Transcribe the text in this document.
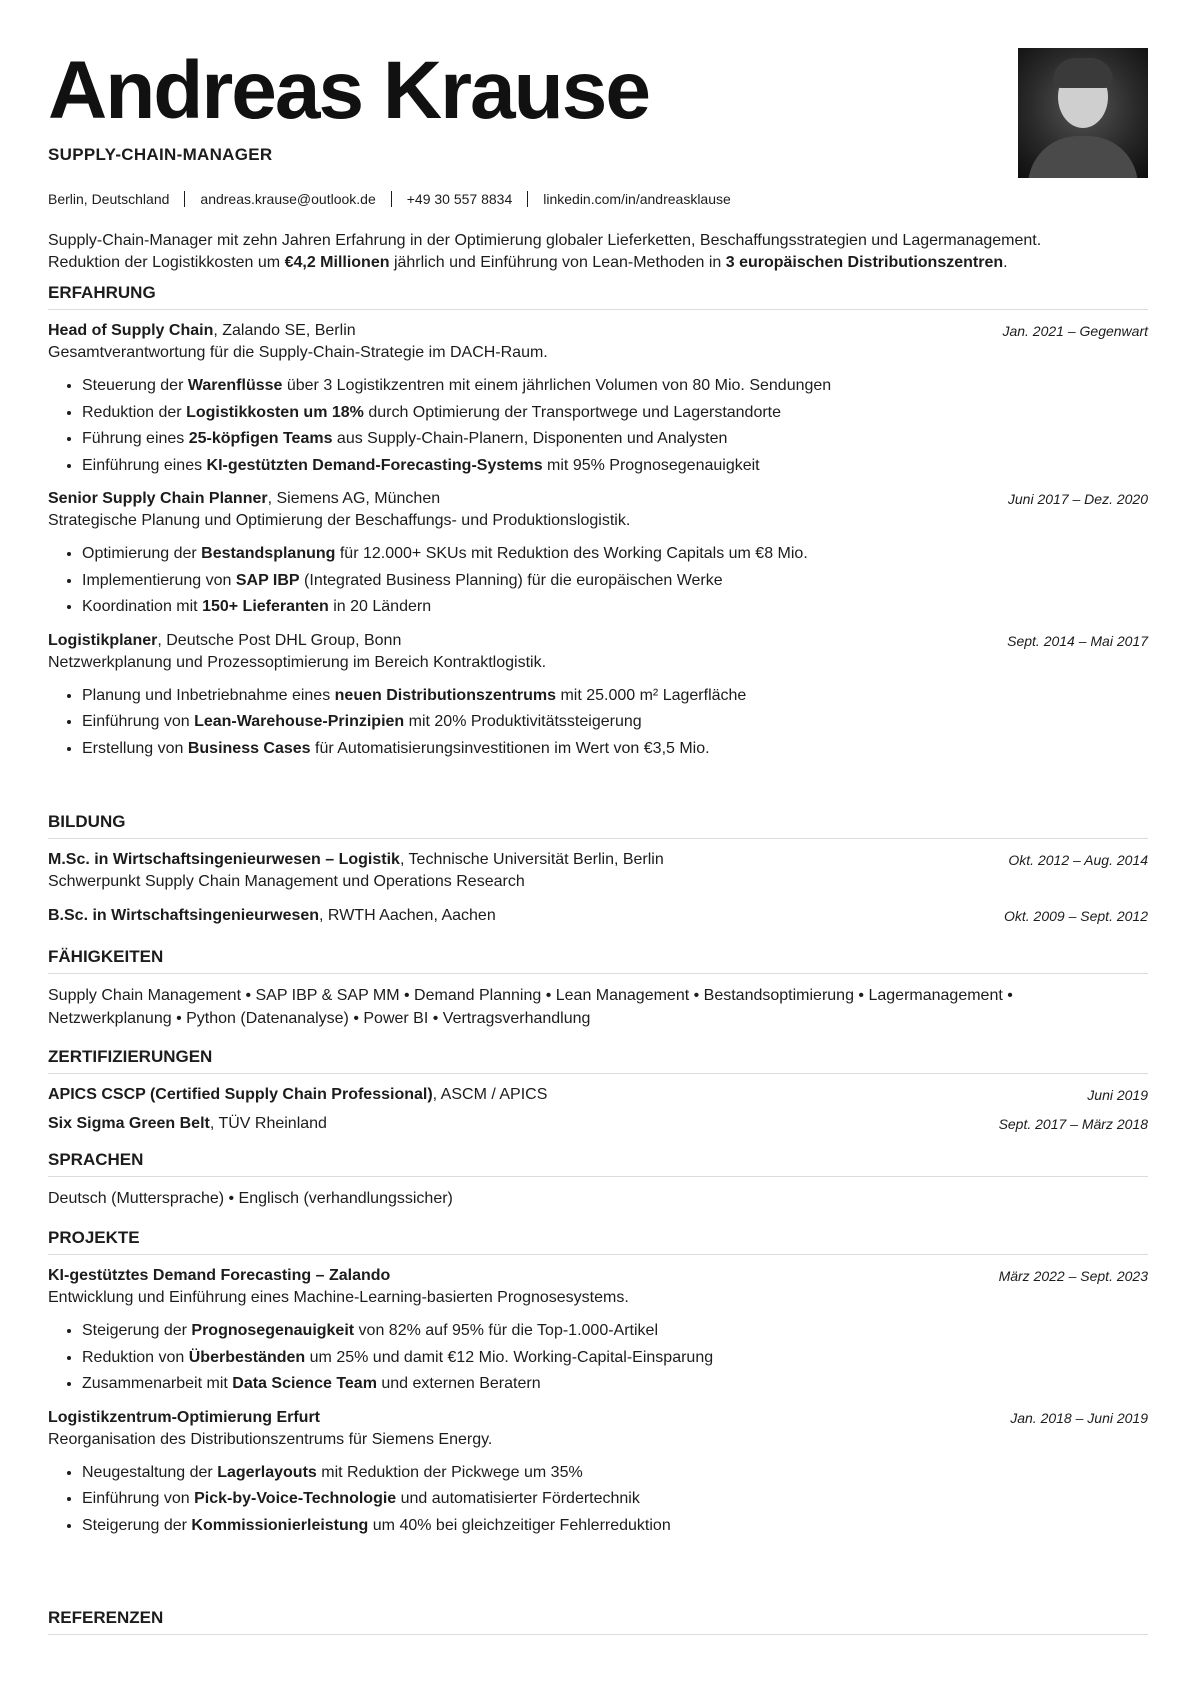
Andreas Krause
SUPPLY-CHAIN-MANAGER
Berlin, Deutschland andreas.krause@outlook.de +49 30 557 8834 linkedin.com/in/andreasklause
Supply-Chain-Manager mit zehn Jahren Erfahrung in der Optimierung globaler Lieferketten, Beschaffungsstrategien und Lagermanagement.
Reduktion der Logistikkosten um €4,2 Millionen jährlich und Einführung von Lean-Methoden in 3 europäischen Distributionszentren.
ERFAHRUNG
Head of Supply Chain, Zalando SE, Berlin	Jan. 2021 – Gegenwart
Gesamtverantwortung für die Supply-Chain-Strategie im DACH-Raum.
• Steuerung der Warenflüsse über 3 Logistikzentren mit einem jährlichen Volumen von 80 Mio. Sendungen
• Reduktion der Logistikkosten um 18% durch Optimierung der Transportwege und Lagerstandorte
• Führung eines 25-köpfigen Teams aus Supply-Chain-Planern, Disponenten und Analysten
• Einführung eines KI-gestützten Demand-Forecasting-Systems mit 95% Prognosegenauigkeit
Senior Supply Chain Planner, Siemens AG, München	Juni 2017 – Dez. 2020
Strategische Planung und Optimierung der Beschaffungs- und Produktionslogistik.
• Optimierung der Bestandsplanung für 12.000+ SKUs mit Reduktion des Working Capitals um €8 Mio.
• Implementierung von SAP IBP (Integrated Business Planning) für die europäischen Werke
• Koordination mit 150+ Lieferanten in 20 Ländern
Logistikplaner, Deutsche Post DHL Group, Bonn	Sept. 2014 – Mai 2017
Netzwerkplanung und Prozessoptimierung im Bereich Kontraktlogistik.
• Planung und Inbetriebnahme eines neuen Distributionszentrums mit 25.000 m² Lagerfläche
• Einführung von Lean-Warehouse-Prinzipien mit 20% Produktivitätssteigerung
• Erstellung von Business Cases für Automatisierungsinvestitionen im Wert von €3,5 Mio.
BILDUNG
M.Sc. in Wirtschaftsingenieurwesen – Logistik, Technische Universität Berlin, Berlin	Okt. 2012 – Aug. 2014
Schwerpunkt Supply Chain Management und Operations Research
B.Sc. in Wirtschaftsingenieurwesen, RWTH Aachen, Aachen	Okt. 2009 – Sept. 2012
FÄHIGKEITEN
Supply Chain Management • SAP IBP & SAP MM • Demand Planning • Lean Management • Bestandsoptimierung • Lagermanagement •
Netzwerkplanung • Python (Datenanalyse) • Power BI • Vertragsverhandlung
ZERTIFIZIERUNGEN
APICS CSCP (Certified Supply Chain Professional), ASCM / APICS	Juni 2019
Six Sigma Green Belt, TÜV Rheinland	Sept. 2017 – März 2018
SPRACHEN
Deutsch (Muttersprache) • Englisch (verhandlungssicher)
PROJEKTE
KI-gestütztes Demand Forecasting – Zalando	März 2022 – Sept. 2023
Entwicklung und Einführung eines Machine-Learning-basierten Prognosesystems.
• Steigerung der Prognosegenauigkeit von 82% auf 95% für die Top-1.000-Artikel
• Reduktion von Überbeständen um 25% und damit €12 Mio. Working-Capital-Einsparung
• Zusammenarbeit mit Data Science Team und externen Beratern
Logistikzentrum-Optimierung Erfurt	Jan. 2018 – Juni 2019
Reorganisation des Distributionszentrums für Siemens Energy.
• Neugestaltung der Lagerlayouts mit Reduktion der Pickwege um 35%
• Einführung von Pick-by-Voice-Technologie und automatisierter Fördertechnik
• Steigerung der Kommissionierleistung um 40% bei gleichzeitiger Fehlerreduktion
REFERENZEN
